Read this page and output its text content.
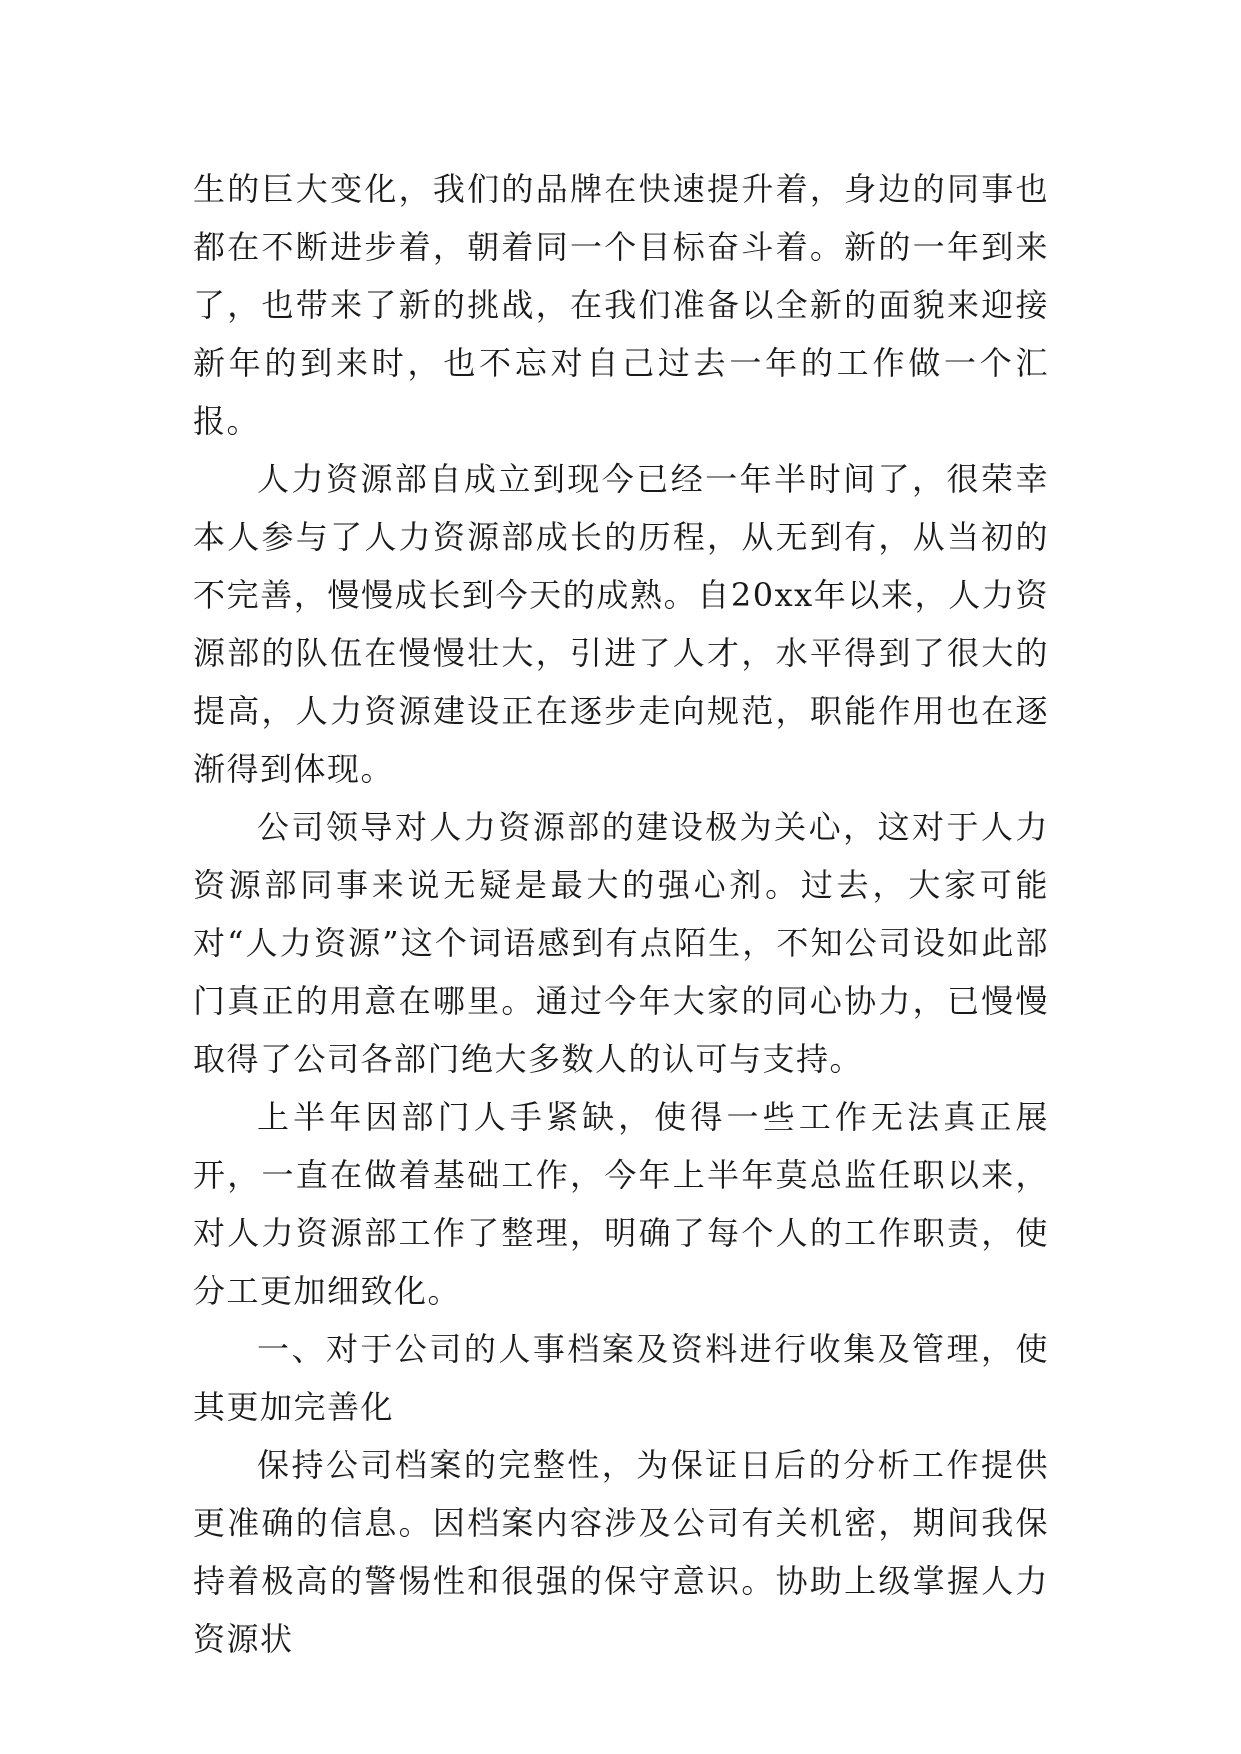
生的巨大变化，我们的品牌在快速提升着，身边的同事也都在不断进步着，朝着同一个目标奋斗着。新的一年到来了，也带来了新的挑战，在我们准备以全新的面貌来迎接新年的到来时，也不忘对自己过去一年的工作做一个汇报。

人力资源部自成立到现今已经一年半时间了，很荣幸本人参与了人力资源部成长的历程，从无到有，从当初的不完善，慢慢成长到今天的成熟。自20xx年以来，人力资源部的队伍在慢慢壮大，引进了人才，水平得到了很大的提高，人力资源建设正在逐步走向规范，职能作用也在逐渐得到体现。

公司领导对人力资源部的建设极为关心，这对于人力资源部同事来说无疑是最大的强心剂。过去，大家可能对“人力资源”这个词语感到有点陌生，不知公司设如此部门真正的用意在哪里。通过今年大家的同心协力，已慢慢取得了公司各部门绝大多数人的认可与支持。

上半年因部门人手紧缺，使得一些工作无法真正展开，一直在做着基础工作，今年上半年莫总监任职以来，对人力资源部工作了整理，明确了每个人的工作职责，使分工更加细致化。

一、对于公司的人事档案及资料进行收集及管理，使其更加完善化

保持公司档案的完整性，为保证日后的分析工作提供更准确的信息。因档案内容涉及公司有关机密，期间我保持着极高的警惕性和很强的保守意识。协助上级掌握人力资源状
